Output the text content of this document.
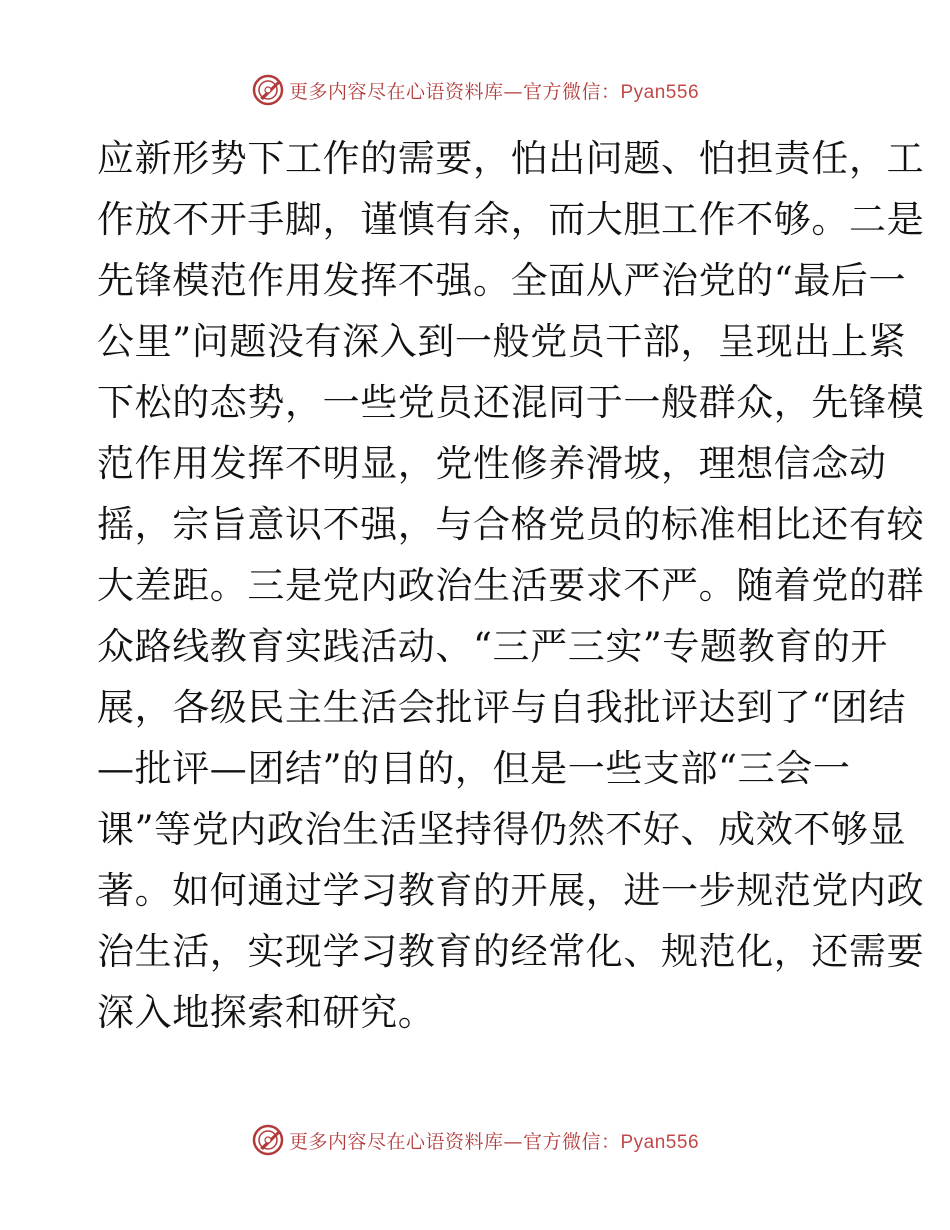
更多内容尽在心语资料库—官方微信：Pyan556
应新形势下工作的需要，怕出问题、怕担责任，工
作放不开手脚，谨慎有余，而大胆工作不够。二是
先锋模范作用发挥不强。全面从严治党的“最后一
公里”问题没有深入到一般党员干部，呈现出上紧
下松的态势，一些党员还混同于一般群众，先锋模
范作用发挥不明显，党性修养滑坡，理想信念动
摇，宗旨意识不强，与合格党员的标准相比还有较
大差距。三是党内政治生活要求不严。随着党的群
众路线教育实践活动、“三严三实”专题教育的开
展，各级民主生活会批评与自我批评达到了“团结
—批评—团结”的目的，但是一些支部“三会一
课”等党内政治生活坚持得仍然不好、成效不够显
著。如何通过学习教育的开展，进一步规范党内政
治生活，实现学习教育的经常化、规范化，还需要
深入地探索和研究。
更多内容尽在心语资料库—官方微信：Pyan556
